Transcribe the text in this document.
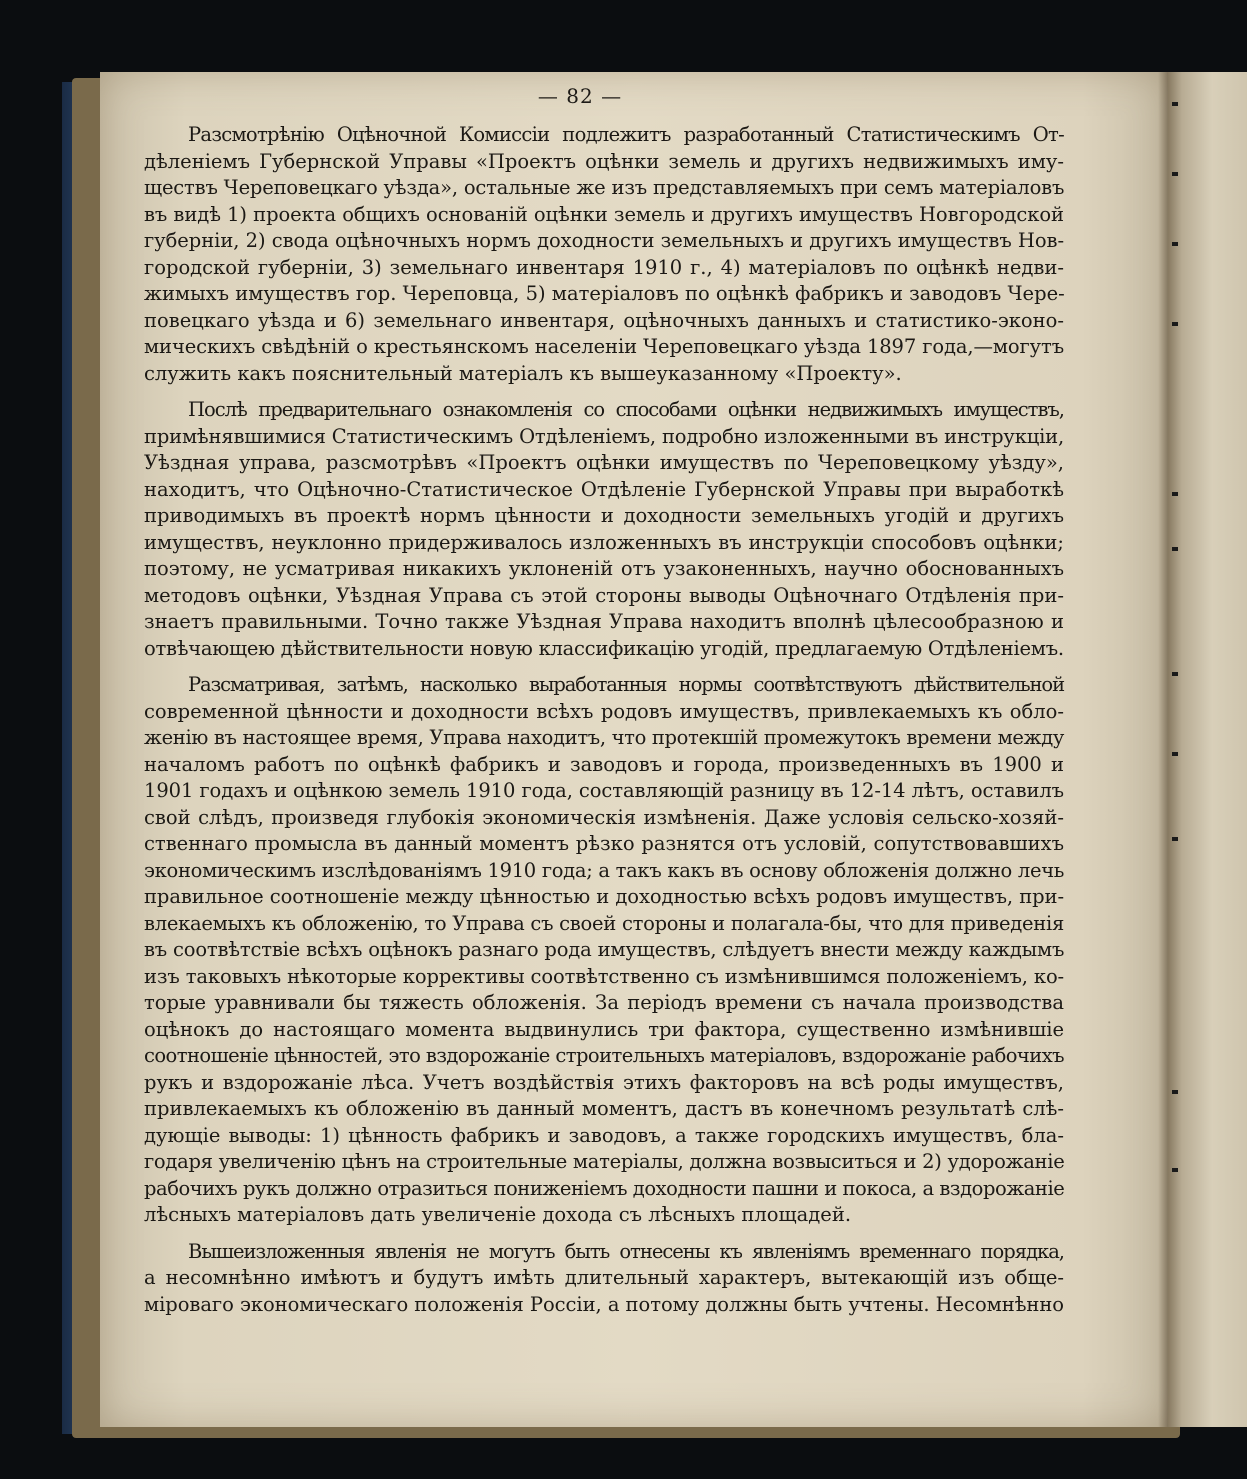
— 82 —
Разсмотрѣнію Оцѣночной Комиссіи подлежитъ разработанный Статистическимъ От-
дѣленіемъ Губернской Управы «Проектъ оцѣнки земель и другихъ недвижимыхъ иму-
ществъ Череповецкаго уѣзда», остальные же изъ представляемыхъ при семъ матеріаловъ
въ видѣ 1) проекта общихъ основаній оцѣнки земель и другихъ имуществъ Новгородской
губерніи, 2) свода оцѣночныхъ нормъ доходности земельныхъ и другихъ имуществъ Нов-
городской губерніи, 3) земельнаго инвентаря 1910 г., 4) матеріаловъ по оцѣнкѣ недви-
жимыхъ имуществъ гор. Череповца, 5) матеріаловъ по оцѣнкѣ фабрикъ и заводовъ Чере-
повецкаго уѣзда и 6) земельнаго инвентаря, оцѣночныхъ данныхъ и статистико-эконо-
мическихъ свѣдѣній о крестьянскомъ населеніи Череповецкаго уѣзда 1897 года,—могутъ
служить какъ пояснительный матеріалъ къ вышеуказанному «Проекту».
Послѣ предварительнаго ознакомленія со способами оцѣнки недвижимыхъ имуществъ,
примѣнявшимися Статистическимъ Отдѣленіемъ, подробно изложенными въ инструкціи,
Уѣздная управа, разсмотрѣвъ «Проектъ оцѣнки имуществъ по Череповецкому уѣзду»,
находитъ, что Оцѣночно-Статистическое Отдѣленіе Губернской Управы при выработкѣ
приводимыхъ въ проектѣ нормъ цѣнности и доходности земельныхъ угодій и другихъ
имуществъ, неуклонно придерживалось изложенныхъ въ инструкціи способовъ оцѣнки;
поэтому, не усматривая никакихъ уклоненій отъ узаконенныхъ, научно обоснованныхъ
методовъ оцѣнки, Уѣздная Управа съ этой стороны выводы Оцѣночнаго Отдѣленія при-
знаетъ правильными. Точно также Уѣздная Управа находитъ вполнѣ цѣлесообразною и
отвѣчающею дѣйствительности новую классификацію угодій, предлагаемую Отдѣленіемъ.
Разсматривая, затѣмъ, насколько выработанныя нормы соотвѣтствуютъ дѣйствительной
современной цѣнности и доходности всѣхъ родовъ имуществъ, привлекаемыхъ къ обло-
женію въ настоящее время, Управа находитъ, что протекшій промежутокъ времени между
началомъ работъ по оцѣнкѣ фабрикъ и заводовъ и города, произведенныхъ въ 1900 и
1901 годахъ и оцѣнкою земель 1910 года, составляющій разницу въ 12-14 лѣтъ, оставилъ
свой слѣдъ, произведя глубокія экономическія измѣненія. Даже условія сельско-хозяй-
ственнаго промысла въ данный моментъ рѣзко разнятся отъ условій, сопутствовавшихъ
экономическимъ изслѣдованіямъ 1910 года; а такъ какъ въ основу обложенія должно лечь
правильное соотношеніе между цѣнностью и доходностью всѣхъ родовъ имуществъ, при-
влекаемыхъ къ обложенію, то Управа съ своей стороны и полагала-бы, что для приведенія
въ соотвѣтствіе всѣхъ оцѣнокъ разнаго рода имуществъ, слѣдуетъ внести между каждымъ
изъ таковыхъ нѣкоторые коррективы соотвѣтственно съ измѣнившимся положеніемъ, ко-
торые уравнивали бы тяжесть обложенія. За періодъ времени съ начала производства
оцѣнокъ до настоящаго момента выдвинулись три фактора, существенно измѣнившіе
соотношеніе цѣнностей, это вздорожаніе строительныхъ матеріаловъ, вздорожаніе рабочихъ
рукъ и вздорожаніе лѣса. Учетъ воздѣйствія этихъ факторовъ на всѣ роды имуществъ,
привлекаемыхъ къ обложенію въ данный моментъ, дастъ въ конечномъ результатѣ слѣ-
дующіе выводы: 1) цѣнность фабрикъ и заводовъ, а также городскихъ имуществъ, бла-
годаря увеличенію цѣнъ на строительные матеріалы, должна возвыситься и 2) удорожаніе
рабочихъ рукъ должно отразиться пониженіемъ доходности пашни и покоса, а вздорожаніе
лѣсныхъ матеріаловъ дать увеличеніе дохода съ лѣсныхъ площадей.
Вышеизложенныя явленія не могутъ быть отнесены къ явленіямъ временнаго порядка,
а несомнѣнно имѣютъ и будутъ имѣть длительный характеръ, вытекающій изъ обще-
міроваго экономическаго положенія Россіи, а потому должны быть учтены. Несомнѣнно
